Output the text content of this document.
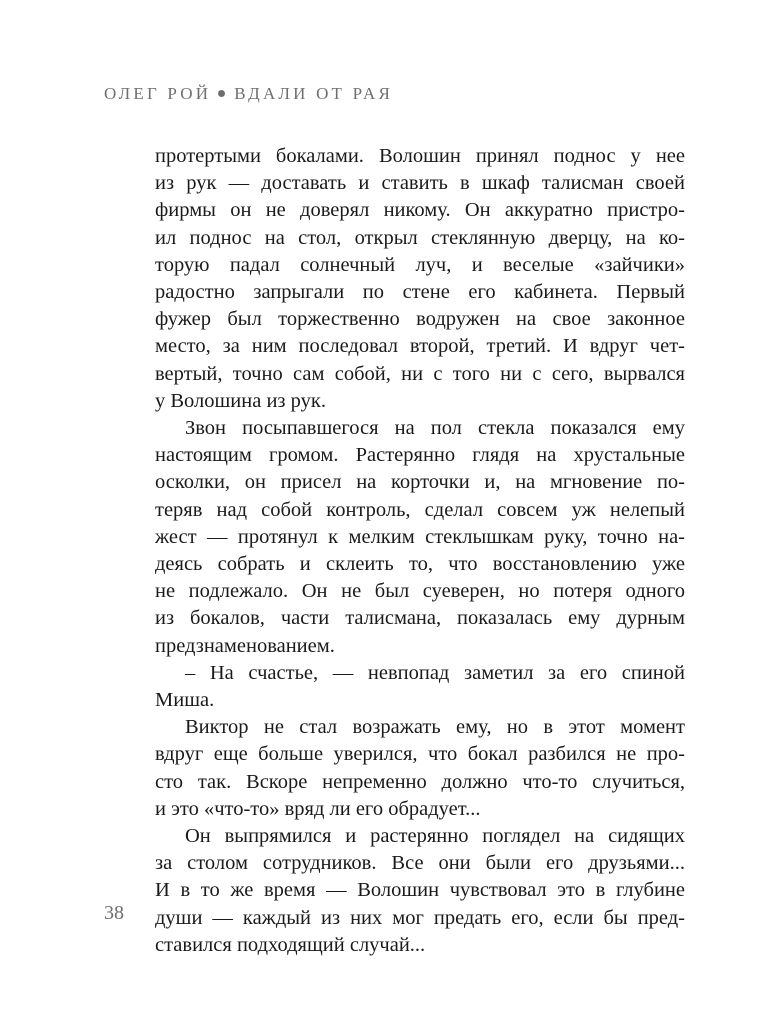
ОЛЕГ РОЙ ВДАЛИ ОТ РАЯ

протертыми бокалами. Волошин принял поднос у нее

из рук — доставать и ставить в шкаф талисман своей

фирмы он не доверял никому. Он аккуратно пристро-

ил поднос на стол, открыл стеклянную дверцу, на ко-

торую падал солнечный луч, и веселые «зайчики»

радостно запрыгали по стене его кабинета. Первый

фужер был торжественно водружен на свое законное

место, за ним последовал второй, третий. И вдруг чет-

вертый, точно сам собой, ни с того ни с сего, вырвался

у Волошина из рук.

Звон посыпавшегося на пол стекла показался ему

настоящим громом. Растерянно глядя на хрустальные

осколки, он присел на корточки и, на мгновение по-

теряв над собой контроль, сделал совсем уж нелепый

жест — протянул к мелким стеклышкам руку, точно на-

деясь собрать и склеить то, что восстановлению уже

не подлежало. Он не был суеверен, но потеря одного

из бокалов, части талисмана, показалась ему дурным

предзнаменованием.

– На счастье, — невпопад заметил за его спиной

Миша.

Виктор не стал возражать ему, но в этот момент

вдруг еще больше уверился, что бокал разбился не про-

сто так. Вскоре непременно должно что-то случиться,

и это «что-то» вряд ли его обрадует...

Он выпрямился и растерянно поглядел на сидящих

за столом сотрудников. Все они были его друзьями...

И в то же время — Волошин чувствовал это в глубине

души — каждый из них мог предать его, если бы пред-

ставился подходящий случай...

38
